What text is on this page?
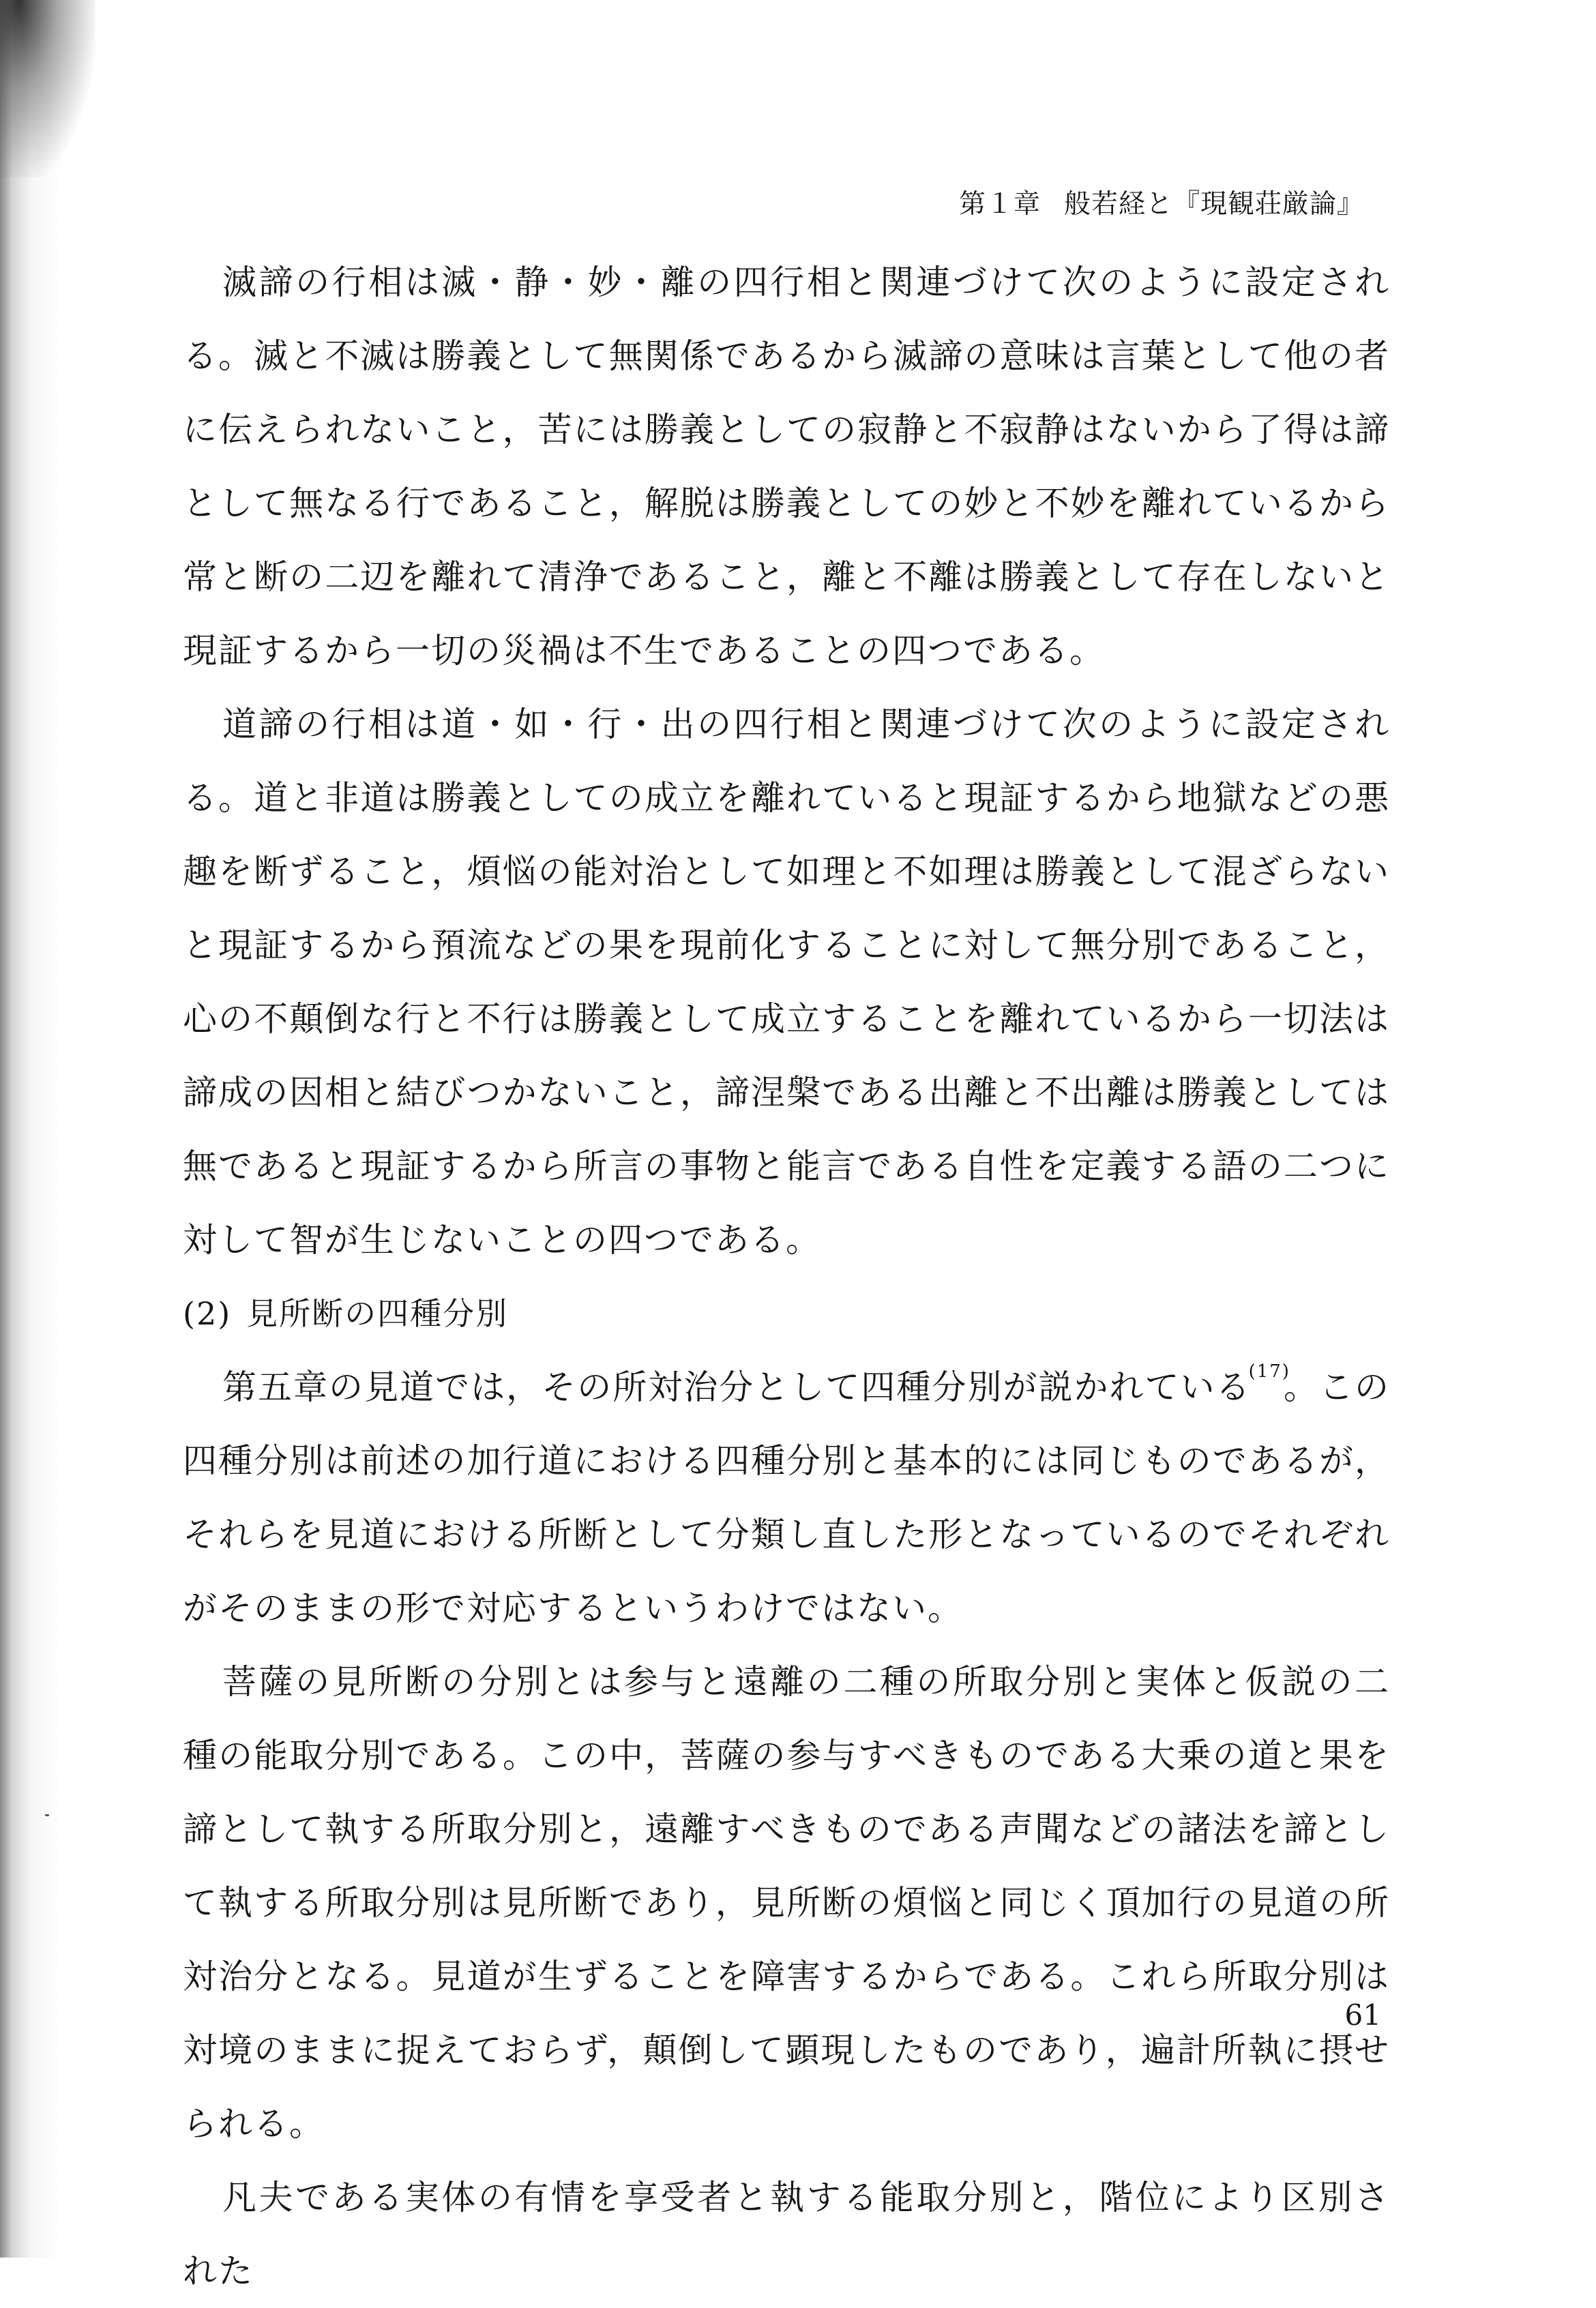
第１章 般若経と『現観荘厳論』

滅諦の行相は滅・静・妙・離の四行相と関連づけて次のように設定される。滅と不滅は勝義として無関係であるから滅諦の意味は言葉として他の者に伝えられないこと，苦には勝義としての寂静と不寂静はないから了得は諦として無なる行であること，解脱は勝義としての妙と不妙を離れているから常と断の二辺を離れて清浄であること，離と不離は勝義として存在しないと現証するから一切の災禍は不生であることの四つである。

道諦の行相は道・如・行・出の四行相と関連づけて次のように設定される。道と非道は勝義としての成立を離れていると現証するから地獄などの悪趣を断ずること，煩悩の能対治として如理と不如理は勝義として混ざらないと現証するから預流などの果を現前化することに対して無分別であること，心の不顛倒な行と不行は勝義として成立することを離れているから一切法は諦成の因相と結びつかないこと，諦涅槃である出離と不出離は勝義としては無であると現証するから所言の事物と能言である自性を定義する語の二つに対して智が生じないことの四つである。

(2) 見所断の四種分別

第五章の見道では，その所対治分として四種分別が説かれている$^{(17)}$。この四種分別は前述の加行道における四種分別と基本的には同じものであるが，それらを見道における所断として分類し直した形となっているのでそれぞれがそのままの形で対応するというわけではない。

菩薩の見所断の分別とは参与と遠離の二種の所取分別と実体と仮説の二種の能取分別である。この中，菩薩の参与すべきものである大乗の道と果を諦として執する所取分別と，遠離すべきものである声聞などの諸法を諦として執する所取分別は見所断であり，見所断の煩悩と同じく頂加行の見道の所対治分となる。見道が生ずることを障害するからである。これら所取分別は対境のままに捉えておらず，顛倒して顕現したものであり，遍計所執に摂せられる。

凡夫である実体の有情を享受者と執する能取分別と，階位により区別された

61
